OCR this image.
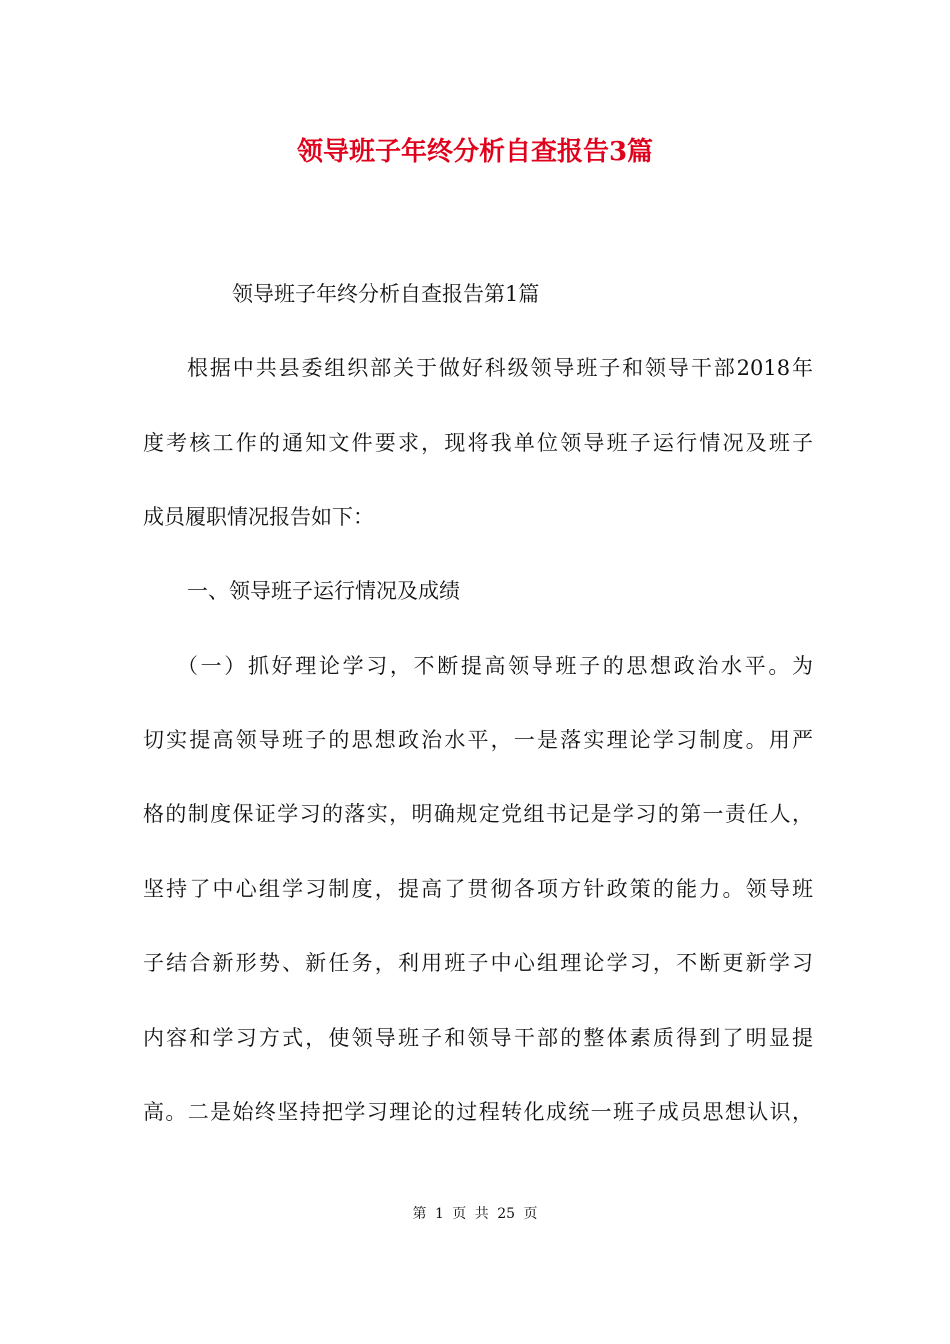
领导班子年终分析自查报告3篇

领导班子年终分析自查报告第1篇

根据中共县委组织部关于做好科级领导班子和领导干部2018年

度考核工作的通知文件要求，现将我单位领导班子运行情况及班子

成员履职情况报告如下：

一、领导班子运行情况及成绩

（一）抓好理论学习，不断提高领导班子的思想政治水平。为

切实提高领导班子的思想政治水平，一是落实理论学习制度。用严

格的制度保证学习的落实，明确规定党组书记是学习的第一责任人，

坚持了中心组学习制度，提高了贯彻各项方针政策的能力。领导班

子结合新形势、新任务，利用班子中心组理论学习，不断更新学习

内容和学习方式，使领导班子和领导干部的整体素质得到了明显提

高。二是始终坚持把学习理论的过程转化成统一班子成员思想认识，

第 1 页 共 25 页
